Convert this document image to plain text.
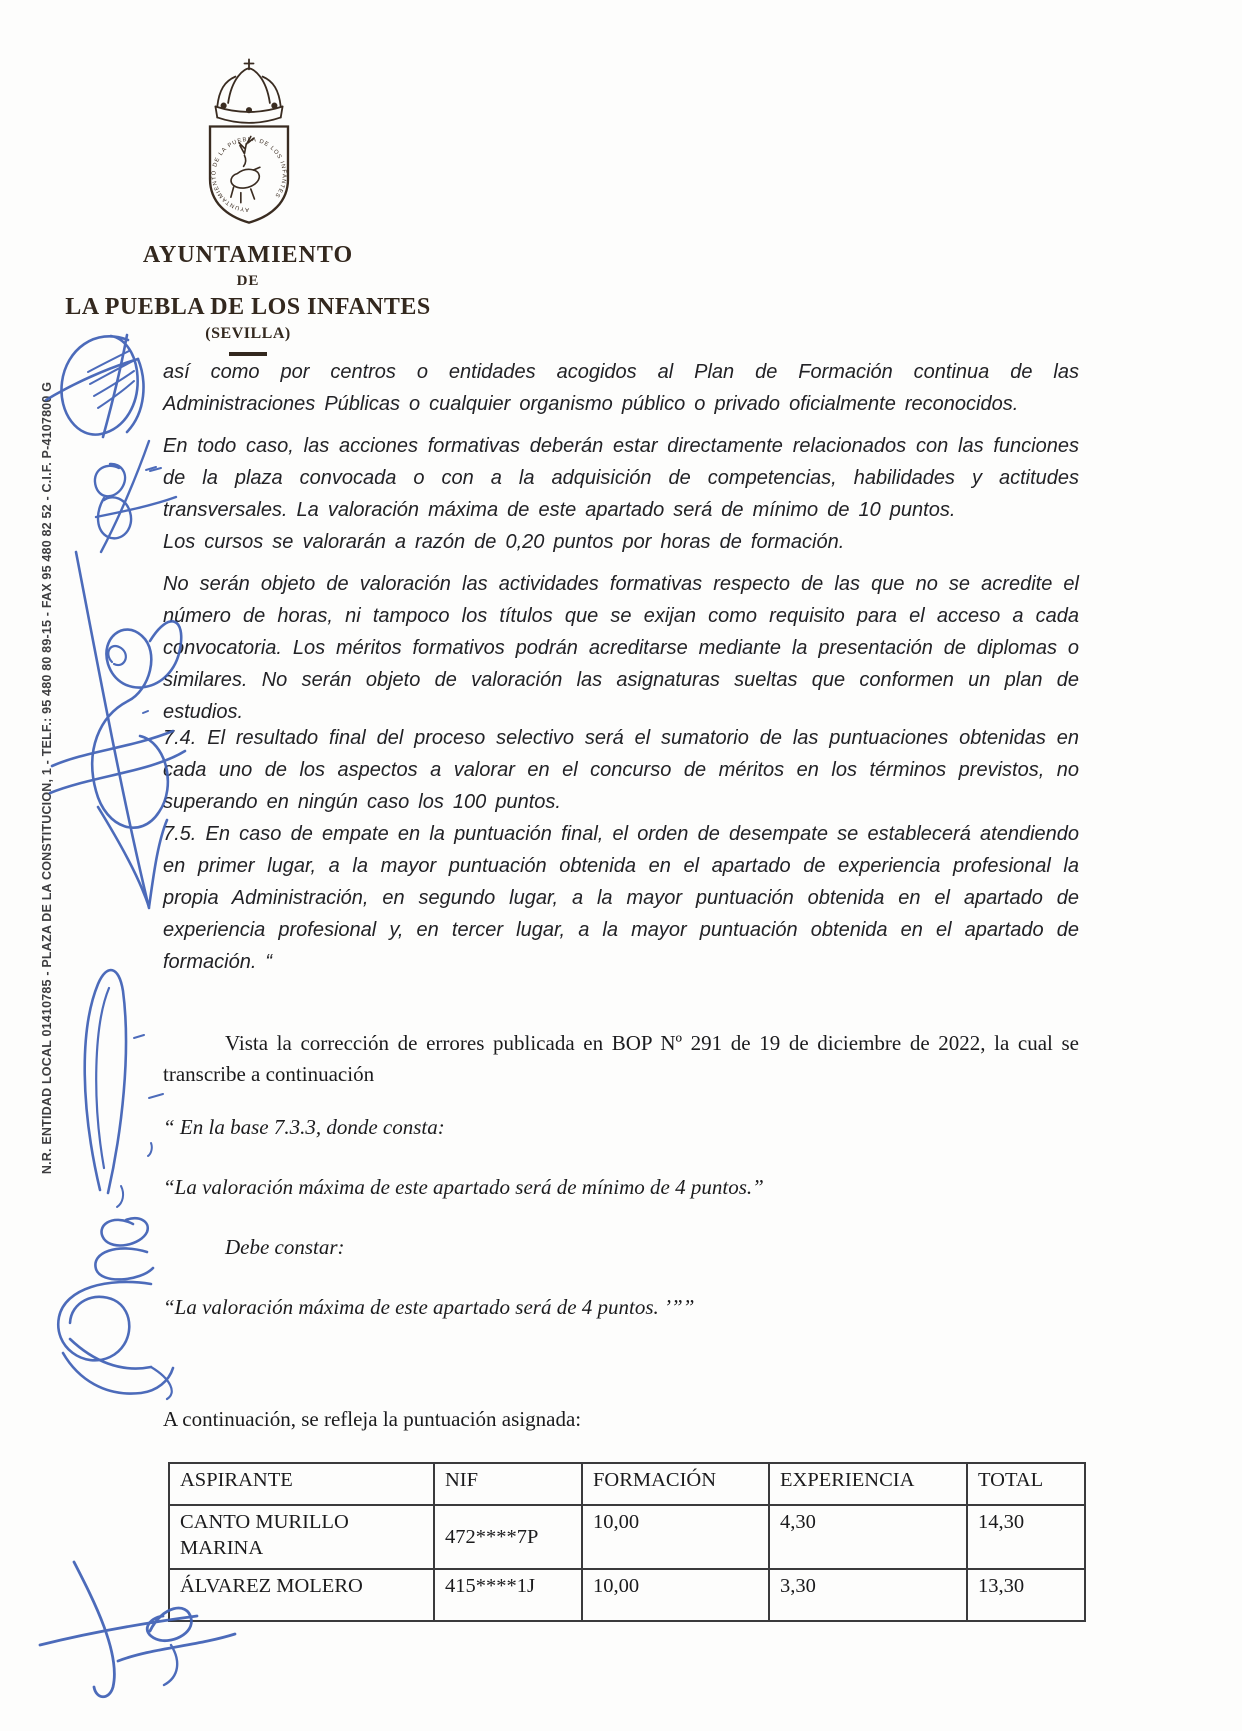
AYUNTAMIENTO DE LA PUEBLA DE LOS INFANTES
AYUNTAMIENTO
DE
LA PUEBLA DE LOS INFANTES
(SEVILLA)
N.R. ENTIDAD LOCAL 01410785 - PLAZA DE LA CONSTITUCION, 1 - TELF.: 95 480 80 89-15 - FAX 95 480 82 52 - C.I.F. P-4107800 G
así como por centros o entidades acogidos al Plan de Formación continua de las Administraciones Públicas o cualquier organismo público o privado oficialmente reconocidos.
En todo caso, las acciones formativas deberán estar directamente relacionados con las funciones de la plaza convocada o con a la adquisición de competencias, habilidades y actitudes transversales. La valoración máxima de este apartado será de mínimo de 10 puntos.
Los cursos se valorarán a razón de 0,20 puntos por horas de formación.
No serán objeto de valoración las actividades formativas respecto de las que no se acredite el número de horas, ni tampoco los títulos que se exijan como requisito para el acceso a cada convocatoria. Los méritos formativos podrán acreditarse mediante la presentación de diplomas o similares. No serán objeto de valoración las asignaturas sueltas que conformen un plan de estudios.
7.4. El resultado final del proceso selectivo será el sumatorio de las puntuaciones obtenidas en cada uno de los aspectos a valorar en el concurso de méritos en los términos previstos, no superando en ningún caso los 100 puntos.
7.5. En caso de empate en la puntuación final, el orden de desempate se establecerá atendiendo en primer lugar, a la mayor puntuación obtenida en el apartado de experiencia profesional la propia Administración, en segundo lugar, a la mayor puntuación obtenida en el apartado de experiencia profesional y, en tercer lugar, a la mayor puntuación obtenida en el apartado de formación. “
Vista la corrección de errores publicada en BOP Nº 291 de 19 de diciembre de 2022, la cual se transcribe a continuación
“ En la base 7.3.3, donde consta:
“La valoración máxima de este apartado será de mínimo de 4 puntos.”
Debe constar:
“La valoración máxima de este apartado será de 4 puntos. ’””
A continuación, se refleja la puntuación asignada:
ASPIRANTE	NIF	FORMACIÓN	EXPERIENCIA	TOTAL
CANTO MURILLO MARINA	472****7P	10,00	4,30	14,30
ÁLVAREZ MOLERO	415****1J	10,00	3,30	13,30
